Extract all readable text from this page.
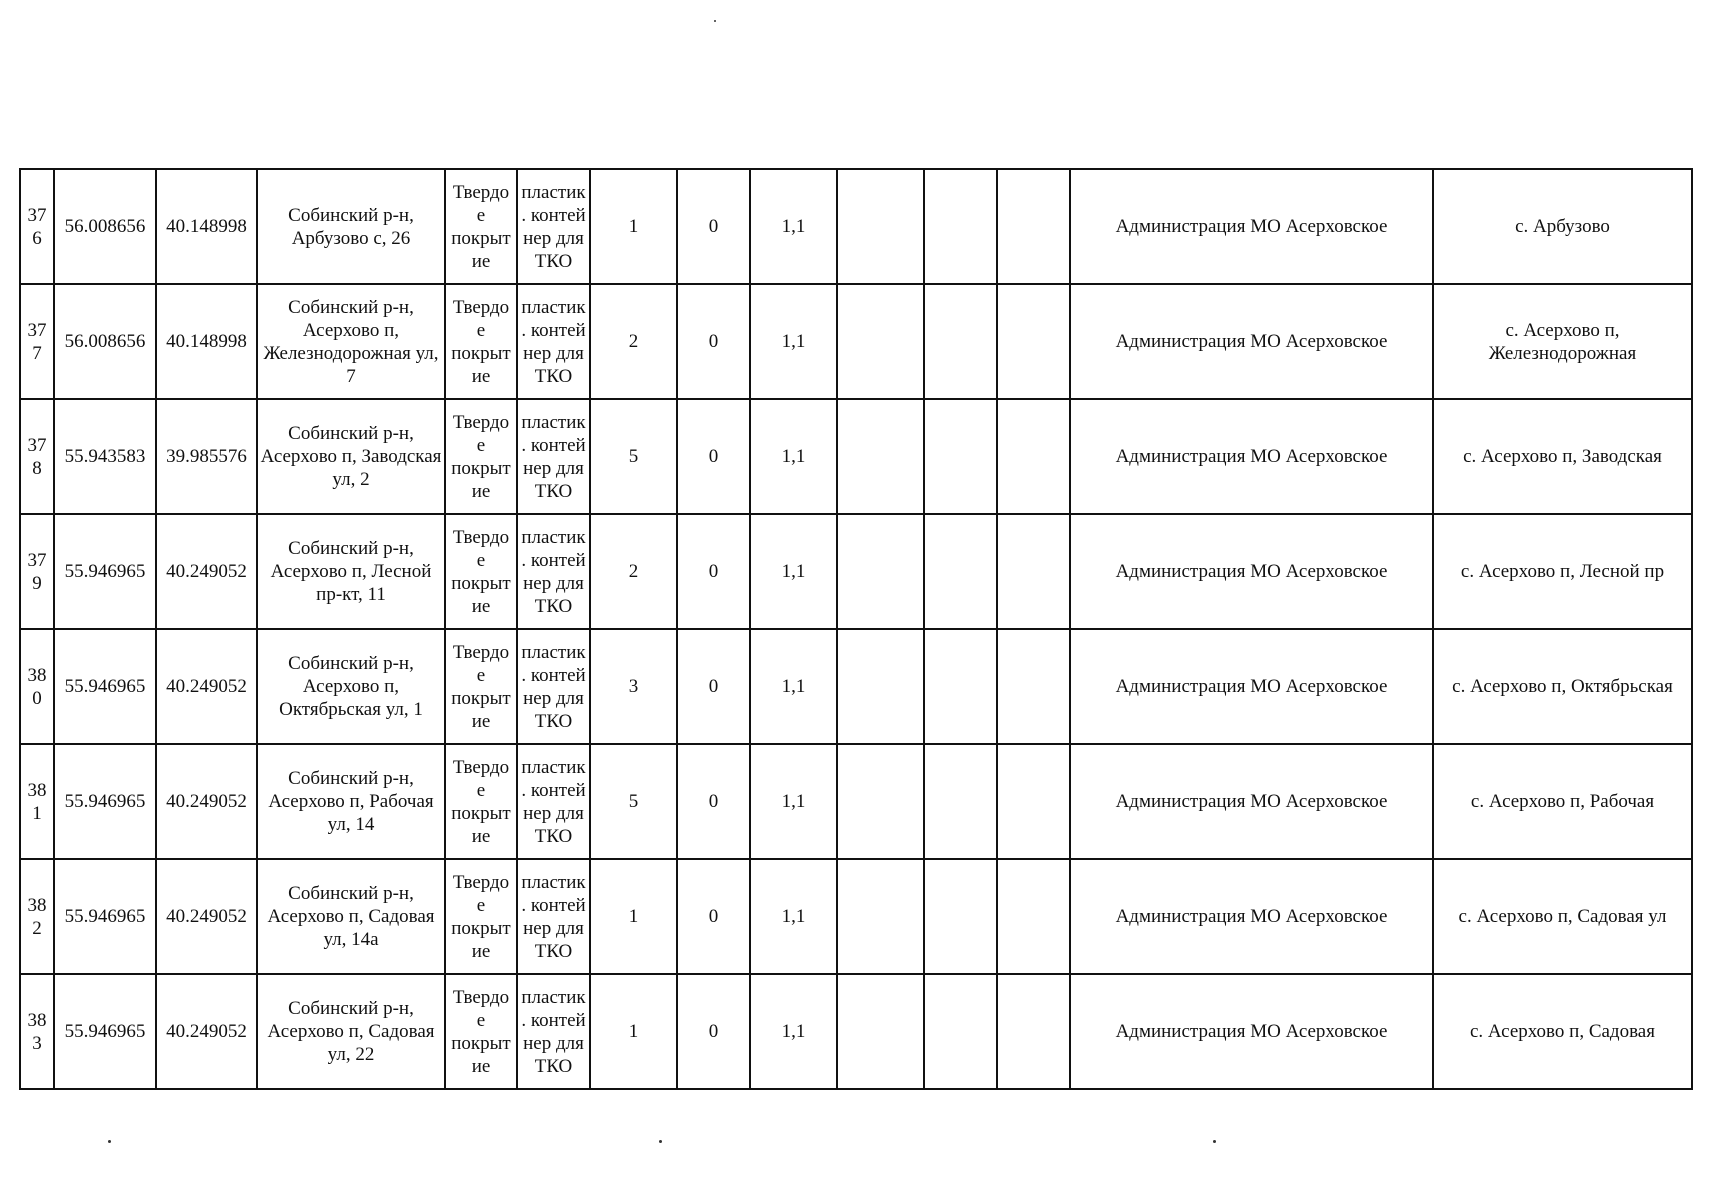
376	56.008656	40.148998	Собинский р-н, Арбузово с, 26	Твердо е покрыт ие	пластик . контей нер для ТКО	1	0	1,1				Администрация МО Асерховское	с. Арбузово
377	56.008656	40.148998	Собинский р-н, Асерхово п, Железнодорожная ул, 7	Твердо е покрыт ие	пластик . контей нер для ТКО	2	0	1,1				Администрация МО Асерховское	с. Асерхово п, Железнодорожная
378	55.943583	39.985576	Собинский р-н, Асерхово п, Заводская ул, 2	Твердо е покрыт ие	пластик . контей нер для ТКО	5	0	1,1				Администрация МО Асерховское	с. Асерхово п, Заводская
379	55.946965	40.249052	Собинский р-н, Асерхово п, Лесной пр-кт, 11	Твердо е покрыт ие	пластик . контей нер для ТКО	2	0	1,1				Администрация МО Асерховское	с. Асерхово п, Лесной пр
380	55.946965	40.249052	Собинский р-н, Асерхово п, Октябрьская ул, 1	Твердо е покрыт ие	пластик . контей нер для ТКО	3	0	1,1				Администрация МО Асерховское	с. Асерхово п, Октябрьская
381	55.946965	40.249052	Собинский р-н, Асерхово п, Рабочая ул, 14	Твердо е покрыт ие	пластик . контей нер для ТКО	5	0	1,1				Администрация МО Асерховское	с. Асерхово п, Рабочая
382	55.946965	40.249052	Собинский р-н, Асерхово п, Садовая ул, 14а	Твердо е покрыт ие	пластик . контей нер для ТКО	1	0	1,1				Администрация МО Асерховское	с. Асерхово п, Садовая ул
383	55.946965	40.249052	Собинский р-н, Асерхово п, Садовая ул, 22	Твердо е покрыт ие	пластик . контей нер для ТКО	1	0	1,1				Администрация МО Асерховское	с. Асерхово п, Садовая
